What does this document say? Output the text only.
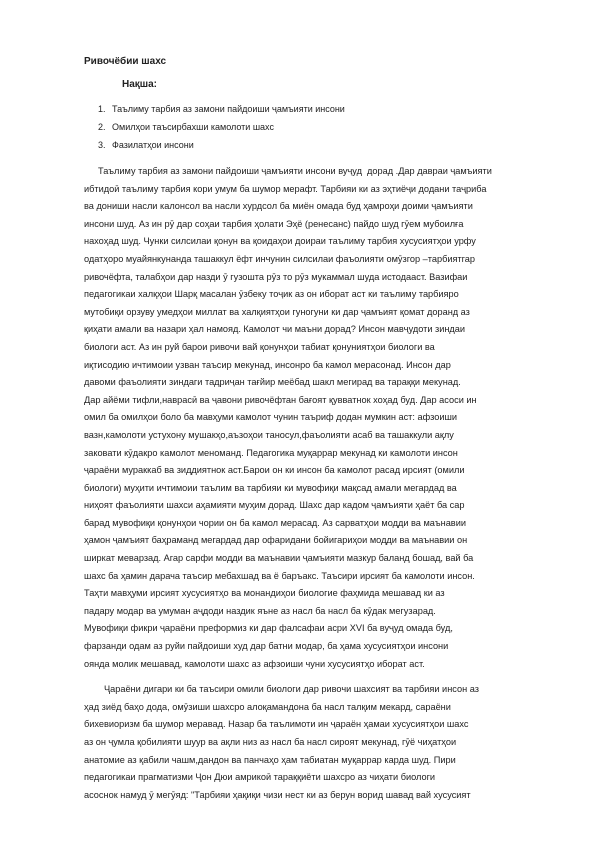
Ривочёбии шахс
Нақша:
1. Таълиму тарбия аз замони пайдоиши ҷамъияти инсони
2. Омилҳои таъсирбахши камолоти шахс
3. Фазилатҳои инсони

Таълиму тарбия аз замони пайдоиши ҷамъияти инсони вуҷуд  дорад .Дар давраи ҷамъияти
ибтидоӣ таълиму тарбия кори умум ба шумор мерафт. Тарбияи ки аз эҳтиёҷи додани таҷриба
ва дониши насли калонсол ва насли хурдсол ба миён омада буд ҳамроҳи доими ҷамъияти
инсони шуд. Аз ин рӯ дар соҳаи тарбия ҳолати Эҳё (ренесанс) пайдо шуд гӯем мубоилға
нахоҳад шуд. Чунки силсилаи қонун ва қоидаҳои доираи таълиму тарбия хусусиятҳои урфу
одатҳоро муайянкунанда ташаккул ёфт инчунин силсилаи фаъолияти омӯзгор –тарбиятгар
ривочёфта, талабҳои дар назди ӯ гузошта рӯз то рӯз мукаммал шуда истодааст. Вазифаи
педагогикаи халқҳои Шарқ масалан ӯзбеку тоҷик аз он иборат аст ки таълиму тарбияро
мутобиқи орзуву умедҳои миллат ва халқиятҳои гуногуни ки дар ҷамъият қомат доранд аз
қиҳати амали ва назари ҳал намояд. Камолот чи маъни дорад? Инсон мавҷудоти зиндаи
биологи аст. Аз ин руй барои ривочи вай қонунҳои табиат қонуниятҳои биологи ва
иқтисодию ичтимоии узван таъсир мекунад, инсонро ба камол мерасонад. Инсон дар
давоми фаъолияти зиндаги тадриҷан тағйир меёбад шакл мегирад ва тараққи мекунад.
Дар айёми тифли,наврасӣ ва ҷавони ривочёфтан бағоят қувватнок хоҳад буд. Дар асоси ин
омил ба омилҳои боло ба мавҳуми камолот чунин таъриф додан мумкин аст: афзоиши
вазн,камолоти устухону мушакҳо,аъзоҳои таносул,фаъолияти асаб ва ташаккули ақлу
заковати кӯдакро камолот меноманд. Педагогика муқаррар мекунад ки камолоти инсон
ҷараёни мураккаб ва зиддиятнок аст.Барои он ки инсон ба камолот расад ирсият (омили
биологи) муҳити ичтимоии таълим ва тарбияи ки мувофиқи мақсад амали мегардад ва
ниҳоят фаъолияти шахси аҳамияти муҳим дорад. Шахс дар кадом ҷамъияти ҳаёт ба сар
барад мувофиқи қонунҳои чории он ба камол мерасад. Аз сарватҳои модди ва маънавии
ҳамон ҷамъият баҳраманд мегардад дар офаридани бойигариҳои модди ва маънавии он
ширкат меварзад. Агар сарфи модди ва маънавии ҷамъияти мазкур баланд бошад, вай ба
шахс ба ҳамин дарача таъсир мебахшад ва ё баръакс. Таъсири ирсият ба камолоти инсон.
Таҳти мавҳуми ирсият хусусиятҳо ва монандиҳои биологие фаҳмида мешавад ки аз
падару модар ва умуман аҷдоди наздик яъне аз насл ба насл ба кӯдак мегузарад.
Мувофиқи фикри ҷараёни преформиз ки дар фалсафаи асри XVI ба вуҷуд омада буд,
фарзанди одам аз руйи пайдоиши худ дар батни модар, ба ҳама хусусиятҳои инсони
оянда молик мешавад, камолоти шахс аз афзоиши чуни хусусиятҳо иборат аст.

Ҷараёни дигари ки ба таъсири омили биологи дар ривочи шахсият ва тарбияи инсон аз
ҳад зиёд баҳо дода, омӯзиши шахсро алоқамандона ба насл талқим мекард, сараёни
бихевиоризм ба шумор меравад. Назар ба таълимоти ин ҷараён ҳамаи хусусиятҳои шахс
аз он ҷумла қобилияти шуур ва ақли низ аз насл ба насл сироят мекунад, гӯё чиҳатҳои
анатомие аз қабили чашм,дандон ва панчаҳо ҳам табиатан муқаррар карда шуд. Пири
педагогикаи прагматизми Ҷон Дюи амрикоӣ тараққиёти шахсро аз чиҳати биологи
асоснок намуд ӯ мегӯяд: "Тарбияи ҳақиқи чизи нест ки аз берун ворид шавад вай хусусият
